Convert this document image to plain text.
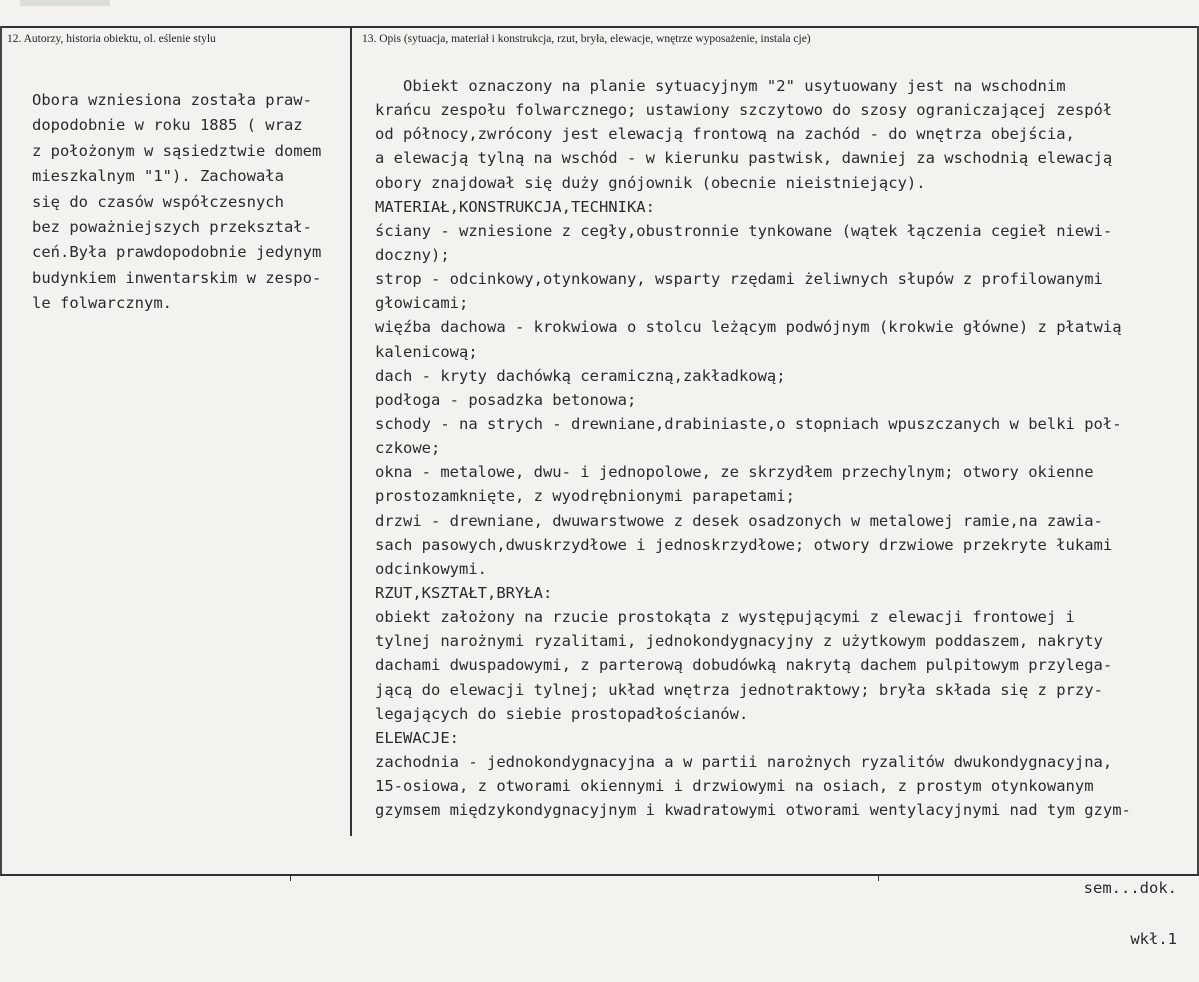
12. Autorzy, historia obiektu, ol. eślenie stylu	13. Opis (sytuacja, materiał i konstrukcja, rzut, bryła, elewacje, wnętrze wyposażenie, instala cje)
Obora wzniesiona została praw-
dopodobnie w roku 1885 ( wraz
z położonym w sąsiedztwie domem
mieszkalnym "1"). Zachowała
się do czasów współczesnych
bez poważniejszych przekształ-
ceń.Była prawdopodobnie jedynym
budynkiem inwentarskim w zespo-
le folwarcznym.
Obiekt oznaczony na planie sytuacyjnym "2" usytuowany jest na wschodnim
krańcu zespołu folwarcznego; ustawiony szczytowo do szosy ograniczającej zespół
od północy,zwrócony jest elewacją frontową na zachód - do wnętrza obejścia,
a elewacją tylną na wschód - w kierunku pastwisk, dawniej za wschodnią elewacją
obory znajdował się duży gnójownik (obecnie nieistniejący).
MATERIAŁ,KONSTRUKCJA,TECHNIKA:
ściany - wzniesione z cegły,obustronnie tynkowane (wątek łączenia cegieł niewi-
doczny);
strop - odcinkowy,otynkowany, wsparty rzędami żeliwnych słupów z profilowanymi
głowicami;
więźba dachowa - krokwiowa o stolcu leżącym podwójnym (krokwie główne) z płatwią
kalenicową;
dach - kryty dachówką ceramiczną,zakładkową;
podłoga - posadzka betonowa;
schody - na strych - drewniane,drabiniaste,o stopniach wpuszczanych w belki poł-
czkowe;
okna - metalowe, dwu- i jednopolowe, ze skrzydłem przechylnym; otwory okienne
prostozamknięte, z wyodrębnionymi parapetami;
drzwi - drewniane, dwuwarstwowe z desek osadzonych w metalowej ramie,na zawia-
sach pasowych,dwuskrzydłowe i jednoskrzydłowe; otwory drzwiowe przekryte łukami
odcinkowymi.
RZUT,KSZTAŁT,BRYŁA:
obiekt założony na rzucie prostokąta z występującymi z elewacji frontowej i
tylnej narożnymi ryzalitami, jednokondygnacyjny z użytkowym poddaszem, nakryty
dachami dwuspadowymi, z parterową dobudówką nakrytą dachem pulpitowym przylega-
jącą do elewacji tylnej; układ wnętrza jednotraktowy; bryła składa się z przy-
legających do siebie prostopadłościanów.
ELEWACJE:
zachodnia - jednokondygnacyjna a w partii narożnych ryzalitów dwukondygnacyjna,
15-osiowa, z otworami okiennymi i drzwiowymi na osiach, z prostym otynkowanym
gzymsem międzykondygnacyjnym i kwadratowymi otworami wentylacyjnymi nad tym gzym-

sem...dok.

wkł.1
